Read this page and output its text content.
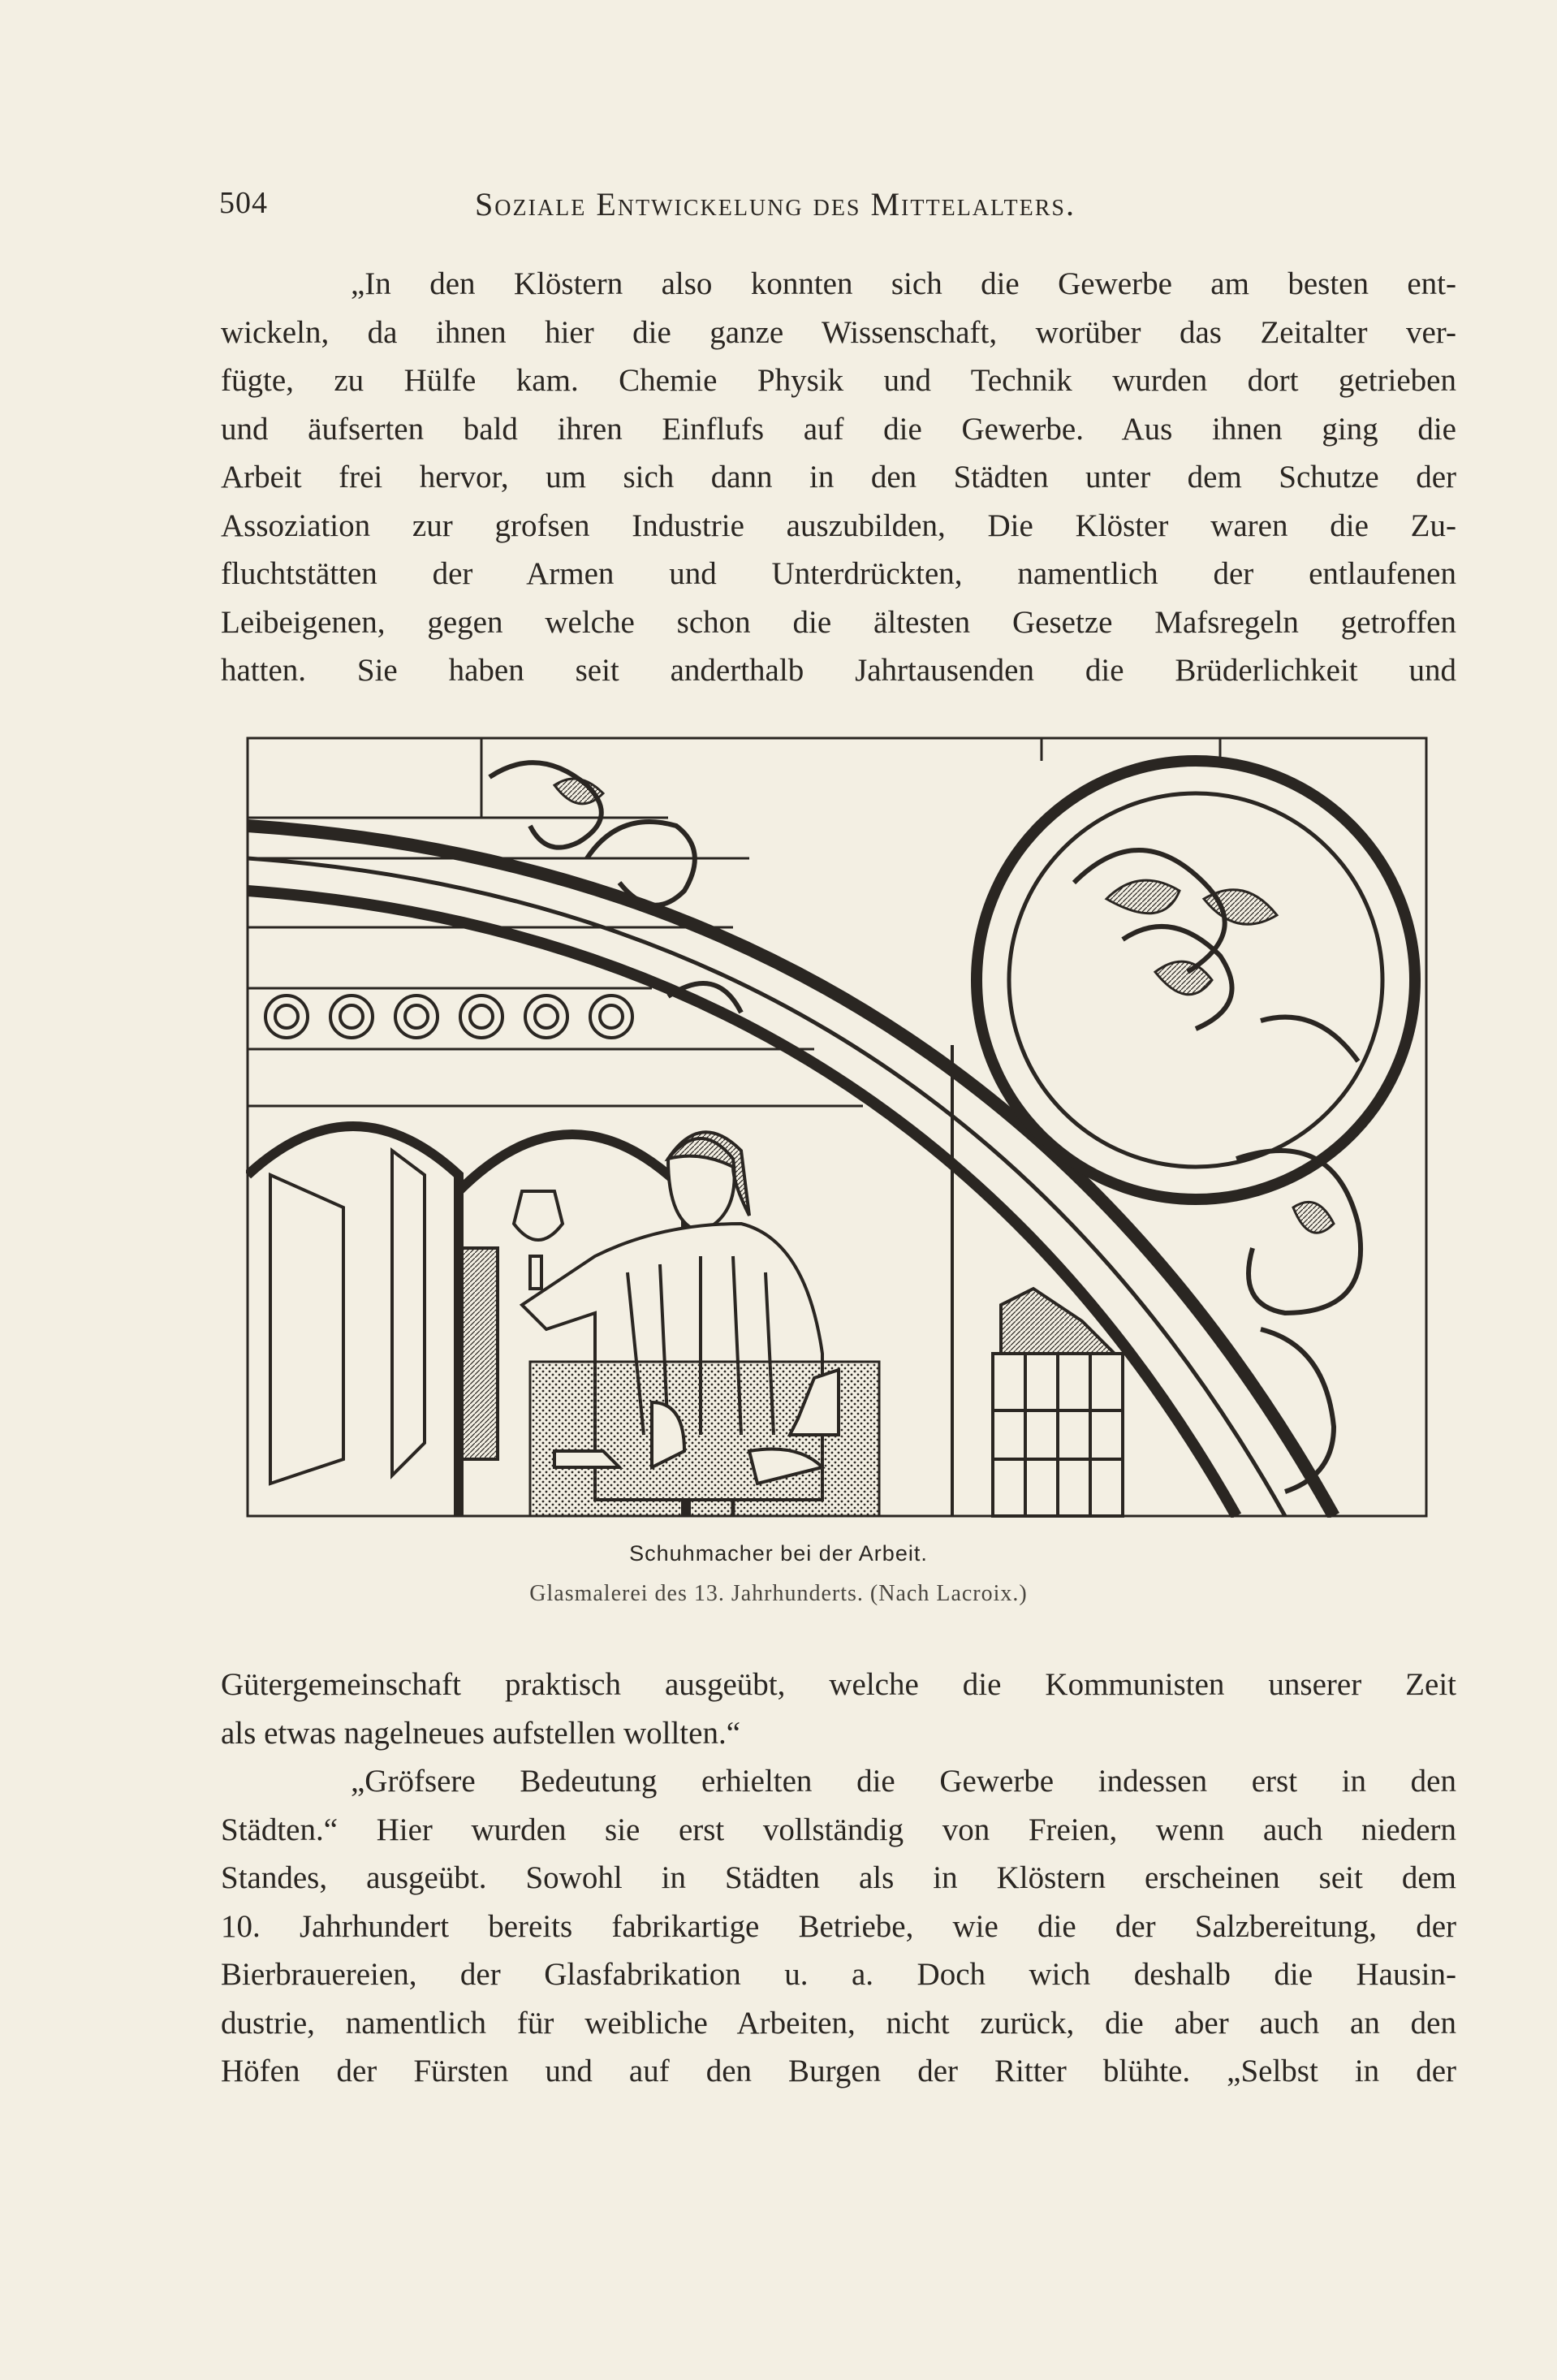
504	Soziale Entwickelung des Mittelalters.
„In den Klöstern also konnten sich die Gewerbe am besten ent-
wickeln, da ihnen hier die ganze Wissenschaft, worüber das Zeitalter ver-
fügte, zu Hülfe kam. Chemie Physik und Technik wurden dort getrieben
und äufserten bald ihren Einflufs auf die Gewerbe. Aus ihnen ging die
Arbeit frei hervor, um sich dann in den Städten unter dem Schutze der
Assoziation zur grofsen Industrie auszubilden, Die Klöster waren die Zu-
fluchtstätten der Armen und Unterdrückten, namentlich der entlaufenen
Leibeigenen, gegen welche schon die ältesten Gesetze Mafsregeln getroffen
hatten. Sie haben seit anderthalb Jahrtausenden die Brüderlichkeit und
Schuhmacher bei der Arbeit.
Glasmalerei des 13. Jahrhunderts. (Nach Lacroix.)
Gütergemeinschaft praktisch ausgeübt, welche die Kommunisten unserer Zeit
als etwas nagelneues aufstellen wollten.“
„Gröfsere Bedeutung erhielten die Gewerbe indessen erst in den
Städten.“ Hier wurden sie erst vollständig von Freien, wenn auch niedern
Standes, ausgeübt. Sowohl in Städten als in Klöstern erscheinen seit dem
10. Jahrhundert bereits fabrikartige Betriebe, wie die der Salzbereitung, der
Bierbrauereien, der Glasfabrikation u. a. Doch wich deshalb die Hausin-
dustrie, namentlich für weibliche Arbeiten, nicht zurück, die aber auch an den
Höfen der Fürsten und auf den Burgen der Ritter blühte. „Selbst in der
